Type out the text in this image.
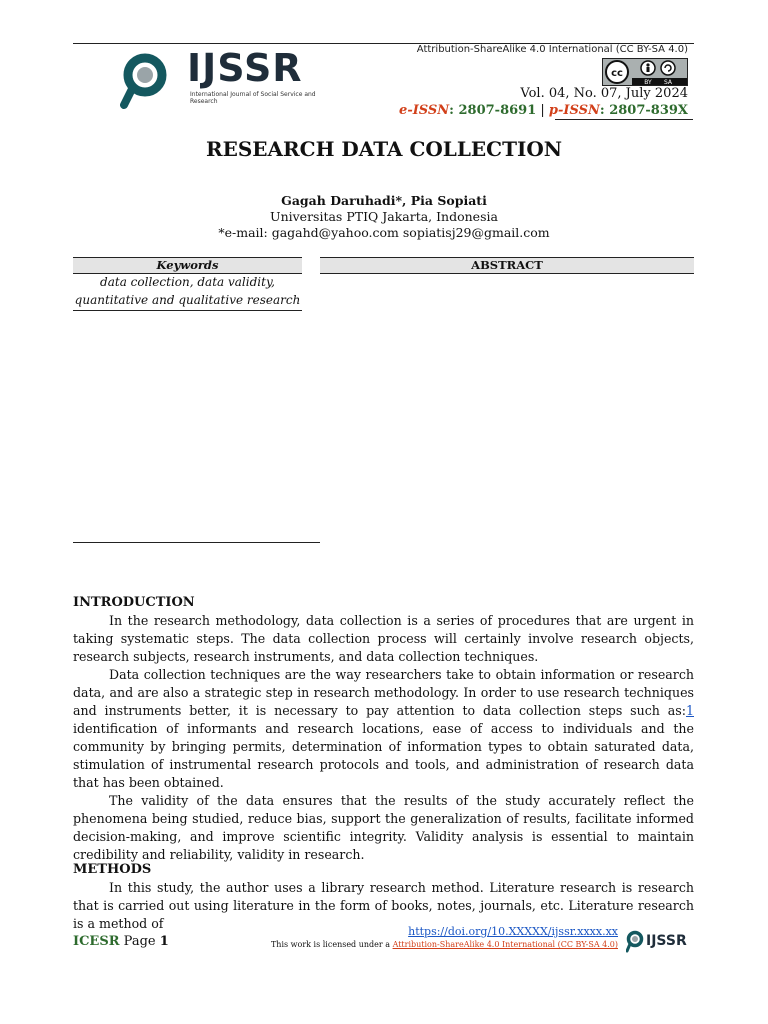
IJSSR
International Journal of Social Service and Research
Attribution-ShareAlike 4.0 International (CC BY-SA 4.0)
cc
BY SA
Vol. 04, No. 07, July 2024
e-ISSN: 2807-8691 | p-ISSN: 2807-839X
RESEARCH DATA COLLECTION
Gagah Daruhadi*, Pia Sopiati
Universitas PTIQ Jakarta, Indonesia
*e-mail: gagahd@yahoo.com sopiatisj29@gmail.com
Keywords	ABSTRACT
data collection, data validity, quantitative and qualitative research

INTRODUCTION

In the research methodology, data collection is a series of procedures that are urgent in taking systematic steps. The data collection process will certainly involve research objects, research subjects, research instruments, and data collection techniques.

Data collection techniques are the way researchers take to obtain information or research data, and are also a strategic step in research methodology. In order to use research techniques and instruments better, it is necessary to pay attention to data collection steps such as:1 identification of informants and research locations, ease of access to individuals and the community by bringing permits, determination of information types to obtain saturated data, stimulation of instrumental research protocols and tools, and administration of research data that has been obtained.

The validity of the data ensures that the results of the study accurately reflect the phenomena being studied, reduce bias, support the generalization of results, facilitate informed decision-making, and improve scientific integrity. Validity analysis is essential to maintain credibility and reliability, validity in research.

METHODS

In this study, the author uses a library research method. Literature research is research that is carried out using literature in the form of books, notes, journals, etc. Literature research is a method of

ICESR Page 1
https://doi.org/10.XXXXX/ijssr.xxxx.xx
This work is licensed under a Attribution-ShareAlike 4.0 International (CC BY-SA 4.0) IJSSR
